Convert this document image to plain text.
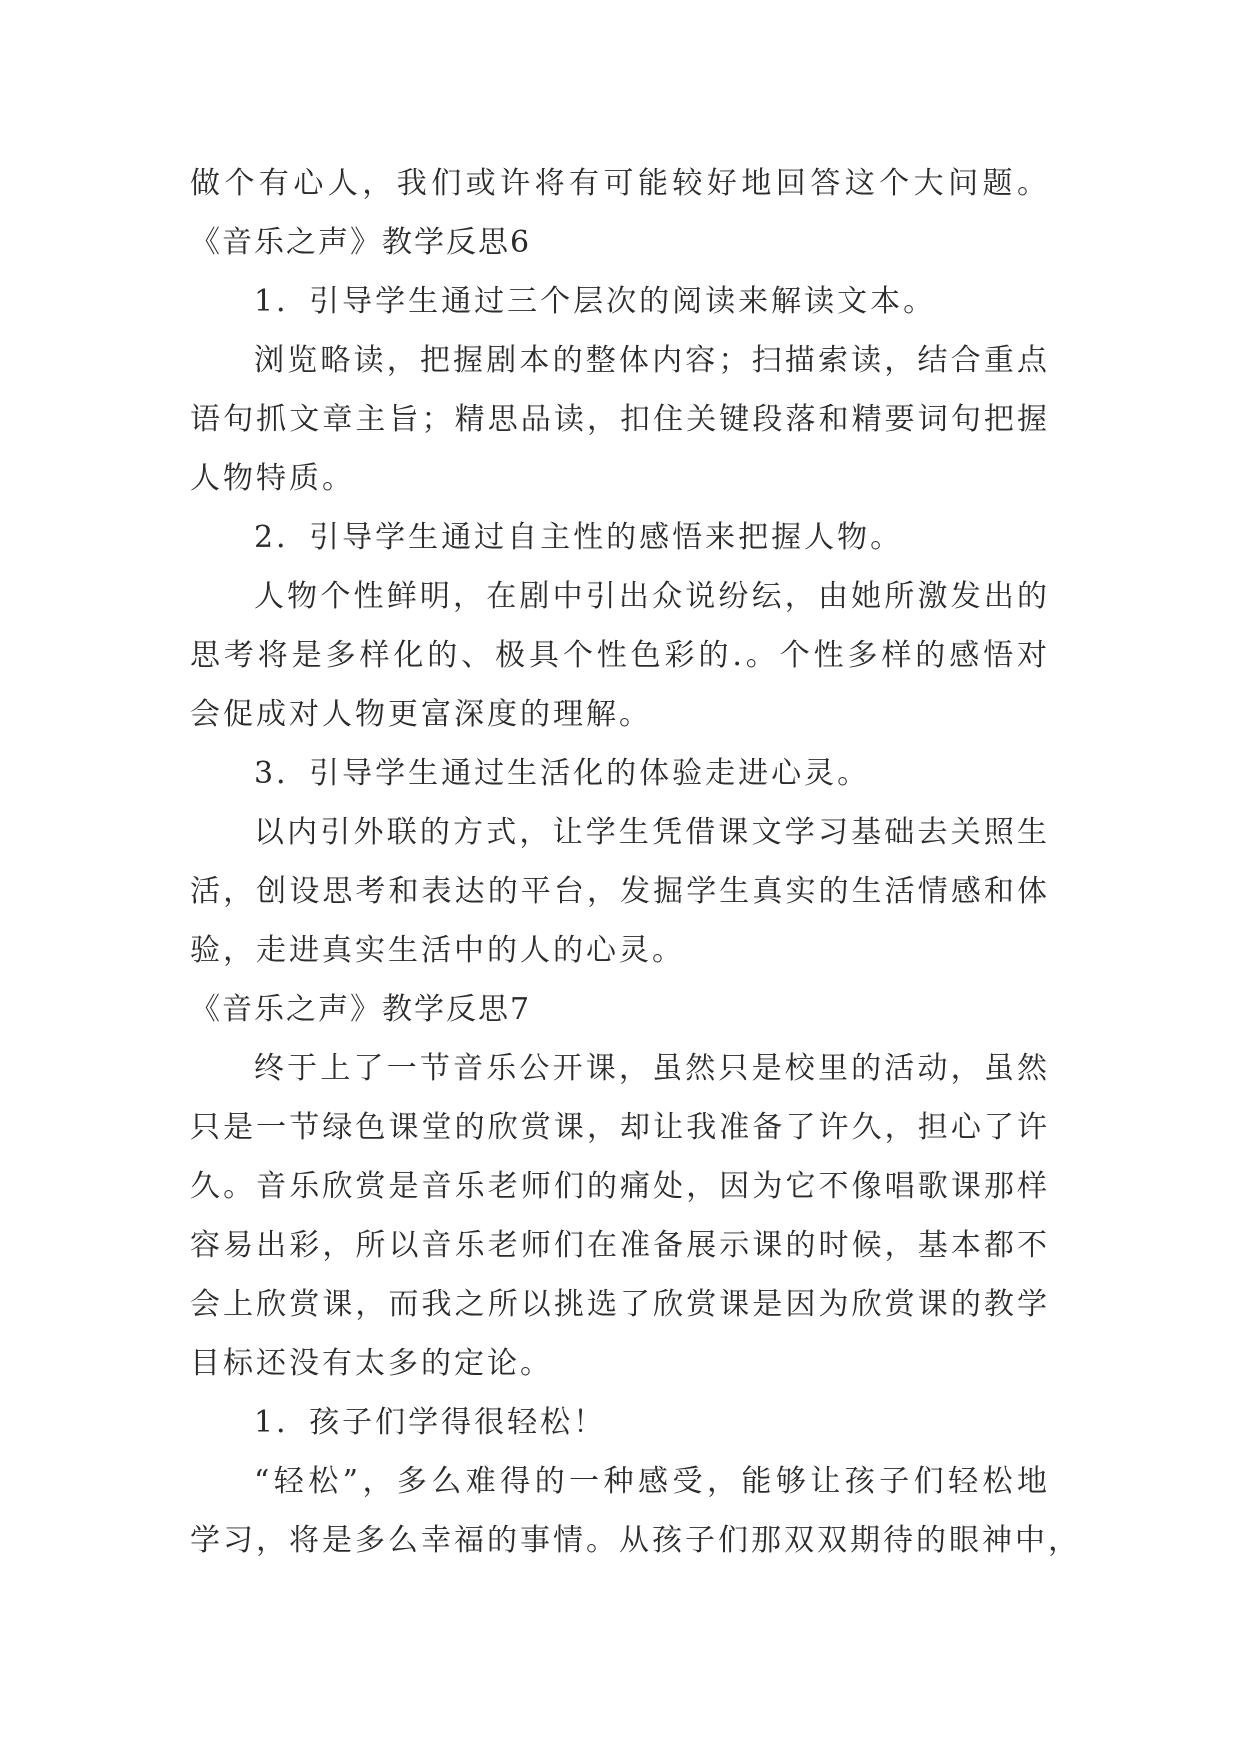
做个有心人，我们或许将有可能较好地回答这个大问题。
《音乐之声》教学反思6
1．引导学生通过三个层次的阅读来解读文本。
浏览略读，把握剧本的整体内容；扫描索读，结合重点
语句抓文章主旨；精思品读，扣住关键段落和精要词句把握
人物特质。
2．引导学生通过自主性的感悟来把握人物。
人物个性鲜明，在剧中引出众说纷纭，由她所激发出的
思考将是多样化的、极具个性色彩的.。个性多样的感悟对
会促成对人物更富深度的理解。
3．引导学生通过生活化的体验走进心灵。
以内引外联的方式，让学生凭借课文学习基础去关照生
活，创设思考和表达的平台，发掘学生真实的生活情感和体
验，走进真实生活中的人的心灵。
《音乐之声》教学反思7
终于上了一节音乐公开课，虽然只是校里的活动，虽然
只是一节绿色课堂的欣赏课，却让我准备了许久，担心了许
久。音乐欣赏是音乐老师们的痛处，因为它不像唱歌课那样
容易出彩，所以音乐老师们在准备展示课的时候，基本都不
会上欣赏课，而我之所以挑选了欣赏课是因为欣赏课的教学
目标还没有太多的定论。
1．孩子们学得很轻松！
“轻松”，多么难得的一种感受，能够让孩子们轻松地
学习，将是多么幸福的事情。从孩子们那双双期待的眼神中，
